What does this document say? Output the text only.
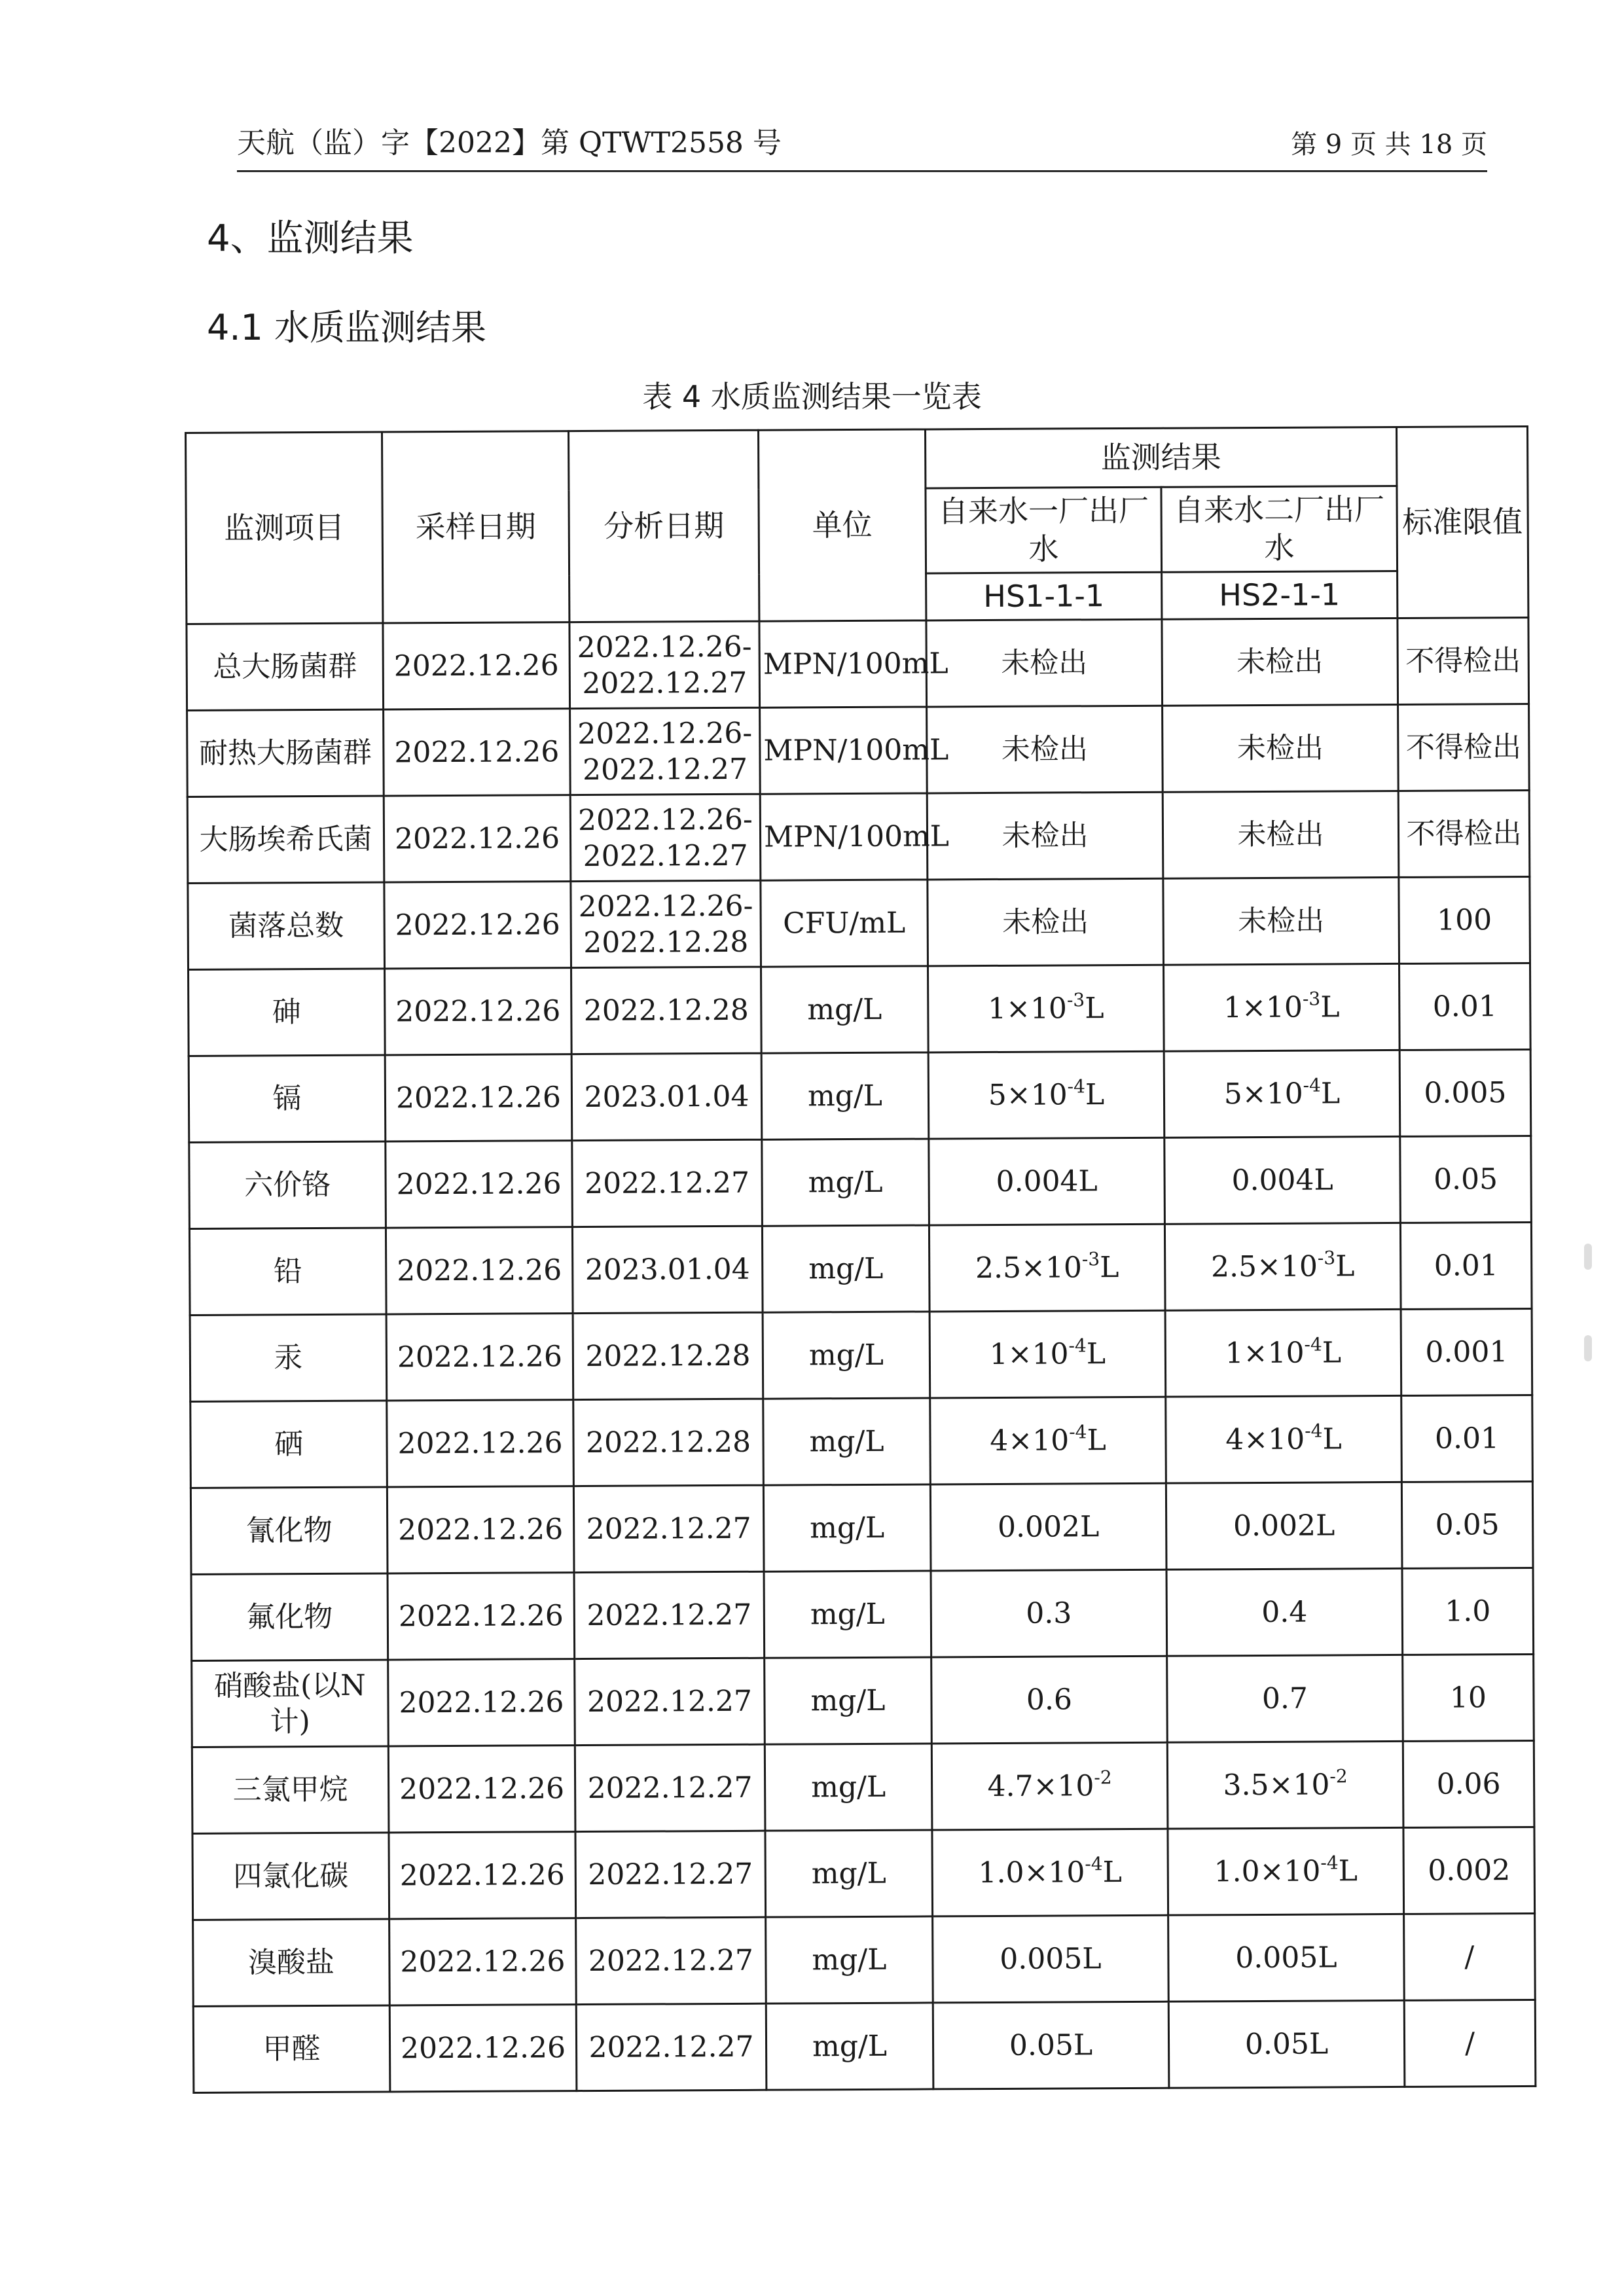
天航（监）字【2022】第 QTWT2558 号	第 9 页 共 18 页
4、监测结果
4.1 水质监测结果
表 4 水质监测结果一览表
监测项目	采样日期	分析日期	单位	监测结果		标准限值
				自来水一厂出厂水	自来水二厂出厂水	
				HS1-1-1	HS2-1-1	
总大肠菌群	2022.12.26	2022.12.26-2022.12.27	MPN/100mL	未检出	未检出	不得检出
耐热大肠菌群	2022.12.26	2022.12.26-2022.12.27	MPN/100mL	未检出	未检出	不得检出
大肠埃希氏菌	2022.12.26	2022.12.26-2022.12.27	MPN/100mL	未检出	未检出	不得检出
菌落总数	2022.12.26	2022.12.26-2022.12.28	CFU/mL	未检出	未检出	100
砷	2022.12.26	2022.12.28	mg/L	$1\times 10^{-3}L$	$1\times 10^{-3}L$	0.01
镉	2022.12.26	2023.01.04	mg/L	$5\times 10^{-4}L$	$5\times 10^{-4}L$	0.005
六价铬	2022.12.26	2022.12.27	mg/L	0.004L	0.004L	0.05
铅	2022.12.26	2023.01.04	mg/L	$2.5\times 10^{-3}L$	$2.5\times 10^{-3}L$	0.01
汞	2022.12.26	2022.12.28	mg/L	$1\times 10^{-4}L$	$1\times 10^{-4}L$	0.001
硒	2022.12.26	2022.12.28	mg/L	$4\times 10^{-4}L$	$4\times 10^{-4}L$	0.01
氰化物	2022.12.26	2022.12.27	mg/L	0.002L	0.002L	0.05
氟化物	2022.12.26	2022.12.27	mg/L	0.3	0.4	1.0
硝酸盐(以N计)	2022.12.26	2022.12.27	mg/L	0.6	0.7	10
三氯甲烷	2022.12.26	2022.12.27	mg/L	$4.7\times 10^{-2}$	$3.5\times 10^{-2}$	0.06
四氯化碳	2022.12.26	2022.12.27	mg/L	$1.0\times 10^{-4}L$	$1.0\times 10^{-4}L$	0.002
溴酸盐	2022.12.26	2022.12.27	mg/L	0.005L	0.005L	/
甲醛	2022.12.26	2022.12.27	mg/L	0.05L	0.05L	/
